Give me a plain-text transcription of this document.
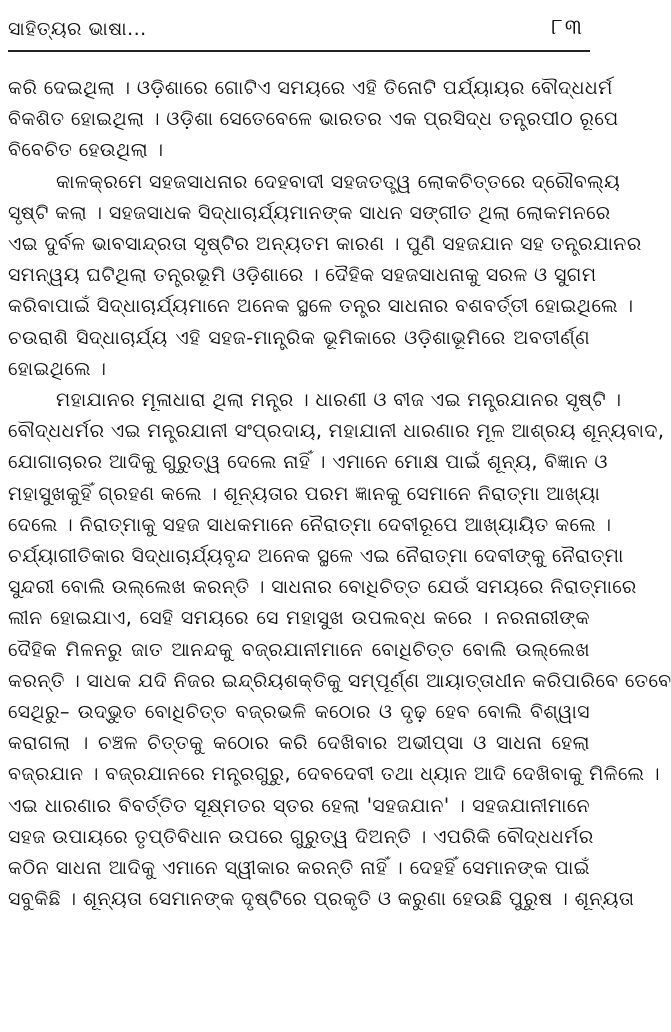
ସାହିତ୍ୟର ଭାଷା...	୮୩

କରି ଦେଇଥିଲା । ଓଡ଼ିଶାରେ ଗୋଟିଏ ସମୟରେ ଏହି ତିନୋଟି ପର୍ଯ୍ୟାୟର ବୌଦ୍ଧଧର୍ମ
ବିକଶିତ ହୋଇଥିଲା । ଓଡ଼ିଶା ସେତେବେଳେ ଭାରତର ଏକ ପ୍ରସିଦ୍ଧ ତନ୍ତ୍ରପୀଠ ରୂପେ
ବିବେଚିତ ହେଉଥିଲା ।

କାଳକ୍ରମେ ସହଜସାଧନାର ଦେହବାଦୀ ସହଜତତ୍ତ୍ୱ ଲୋକଚିତ୍ତରେ ଦ୍ରୌବଲ୍ୟ
ସୃଷ୍ଟି କଲା । ସହଜସାଧକ ସିଦ୍ଧାଚାର୍ଯ୍ୟମାନଙ୍କ ସାଧନ ସଙ୍ଗୀତ ଥିଲା ଲୋକମନରେ
ଏଇ ଦୁର୍ବଳ ଭାବସାନ୍ଦ୍ରତା ସୃଷ୍ଟିର ଅନ୍ୟତମ କାରଣ । ପୁଣି ସହଜଯାନ ସହ ତନ୍ତ୍ରଯାନର
ସମନ୍ୱୟ ଘଟିଥିଲା ତନ୍ତ୍ରଭୂମି ଓଡ଼ିଶାରେ । ଦୈହିକ ସହଜସାଧନାକୁ ସରଳ ଓ ସୁଗମ
କରିବାପାଇଁ ସିଦ୍ଧାଚାର୍ଯ୍ୟମାନେ ଅନେକ ସ୍ଥଳେ ତନ୍ତ୍ର ସାଧନାର ବଶବର୍ତ୍ତୀ ହୋଇଥିଲେ ।
ଚଉରାଶି ସିଦ୍ଧାଚାର୍ଯ୍ୟ ଏହି ସହଜ-ମାନ୍ତ୍ରିକ ଭୂମିକାରେ ଓଡ଼ିଶାଭୂମିରେ ଅବତୀର୍ଣ୍ଣ
ହୋଇଥିଲେ ।

ମହାଯାନର ମୂଳାଧାରା ଥିଲା ମନ୍ତ୍ର । ଧାରଣୀ ଓ ବୀଜ ଏଇ ମନ୍ତ୍ରଯାନର ସୃଷ୍ଟି ।
ବୌଦ୍ଧଧର୍ମର ଏଇ ମନ୍ତ୍ରଯାନୀ ସଂପ୍ରଦାୟ, ମହାଯାନୀ ଧାରଣାର ମୂଳ ଆଶ୍ରୟ ଶୂନ୍ୟବାଦ,
ଯୋଗାଚାରର ଆଦିକୁ ଗୁରୁତ୍ୱ ଦେଲେ ନାହିଁ । ଏମାନେ ମୋକ୍ଷ ପାଇଁ ଶୂନ୍ୟ, ବିଜ୍ଞାନ ଓ
ମହାସୁଖକୁହିଁ ଗ୍ରହଣ କଲେ । ଶୂନ୍ୟତାର ପରମ ଜ୍ଞାନକୁ ସେମାନେ ନିରାତ୍ମା ଆଖ୍ୟା
ଦେଲେ । ନିରାତ୍ମାକୁ ସହଜ ସାଧକମାନେ ନୈରାତ୍ମା ଦେବୀରୂପେ ଆଖ୍ୟାୟିତ କଲେ ।
ଚର୍ଯ୍ୟାଗୀତିକାର ସିଦ୍ଧାଚାର୍ଯ୍ୟବୃନ୍ଦ ଅନେକ ସ୍ଥଳେ ଏଇ ନୈରାତ୍ମା ଦେବୀଙ୍କୁ ନୈରାତ୍ମା
ସୁନ୍ଦରୀ ବୋଲି ଉଲ୍ଲେଖ କରନ୍ତି । ସାଧନାର ବୋଧିଚିତ୍ତ ଯେଉଁ ସମୟରେ ନିରାତ୍ମାରେ
ଲୀନ ହୋଇଯାଏ, ସେହି ସମୟରେ ସେ ମହାସୁଖ ଉପଲବ୍ଧ କରେ । ନରନାରୀଙ୍କ
ଦୈହିକ ମିଳନରୁ ଜାତ ଆନନ୍ଦକୁ ବଜ୍ରଯାନୀମାନେ ବୋଧିଚିତ୍ତ ବୋଲି ଉଲ୍ଲେଖ
କରନ୍ତି । ସାଧକ ଯଦି ନିଜର ଇନ୍ଦ୍ରିୟଶକ୍ତିକୁ ସମ୍ପୂର୍ଣ୍ଣ ଆୟାତ୍ତାଧୀନ କରିପାରିବେ ତେବେ
ସେଥିରୁ– ଉଦ୍ଭୁତ ବୋଧିଚିତ୍ତ ବଜ୍ରଭଳି କଠୋର ଓ ଦୃଢ଼ ହେବ ବୋଲି ବିଶ୍ୱାସ
କରାଗଲା । ଚଞ୍ଚଳ ଚିତ୍ତକୁ କଠୋର କରି ଦେଖିବାର ଅଭୀପ୍ସା ଓ ସାଧନା ହେଲା
ବଜ୍ରଯାନ । ବଜ୍ରଯାନରେ ମନ୍ତ୍ରଗୁରୁ, ଦେବଦେବୀ ତଥା ଧ୍ୟାନ ଆଦି ଦେଖିବାକୁ ମିଳିଲେ ।
ଏଇ ଧାରଣାର ବିବର୍ତ୍ତିତ ସୂକ୍ଷ୍ମତର ସ୍ତର ହେଲା 'ସହଜଯାନ' । ସହଜଯାନୀମାନେ
ସହଜ ଉପାୟରେ ତୃପ୍ତିବିଧାନ ଉପରେ ଗୁରୁତ୍ୱ ଦିଅନ୍ତି । ଏପରିକି ବୌଦ୍ଧଧର୍ମର
କଠିନ ସାଧନା ଆଦିକୁ ଏମାନେ ସ୍ୱୀକାର କରନ୍ତି ନାହିଁ । ଦେହହିଁ ସେମାନଙ୍କ ପାଇଁ
ସବୁକିଛି । ଶୂନ୍ୟତା ସେମାନଙ୍କ ଦୃଷ୍ଟିରେ ପ୍ରକୃତି ଓ କରୁଣା ହେଉଛି ପୁରୁଷ । ଶୂନ୍ୟତା
